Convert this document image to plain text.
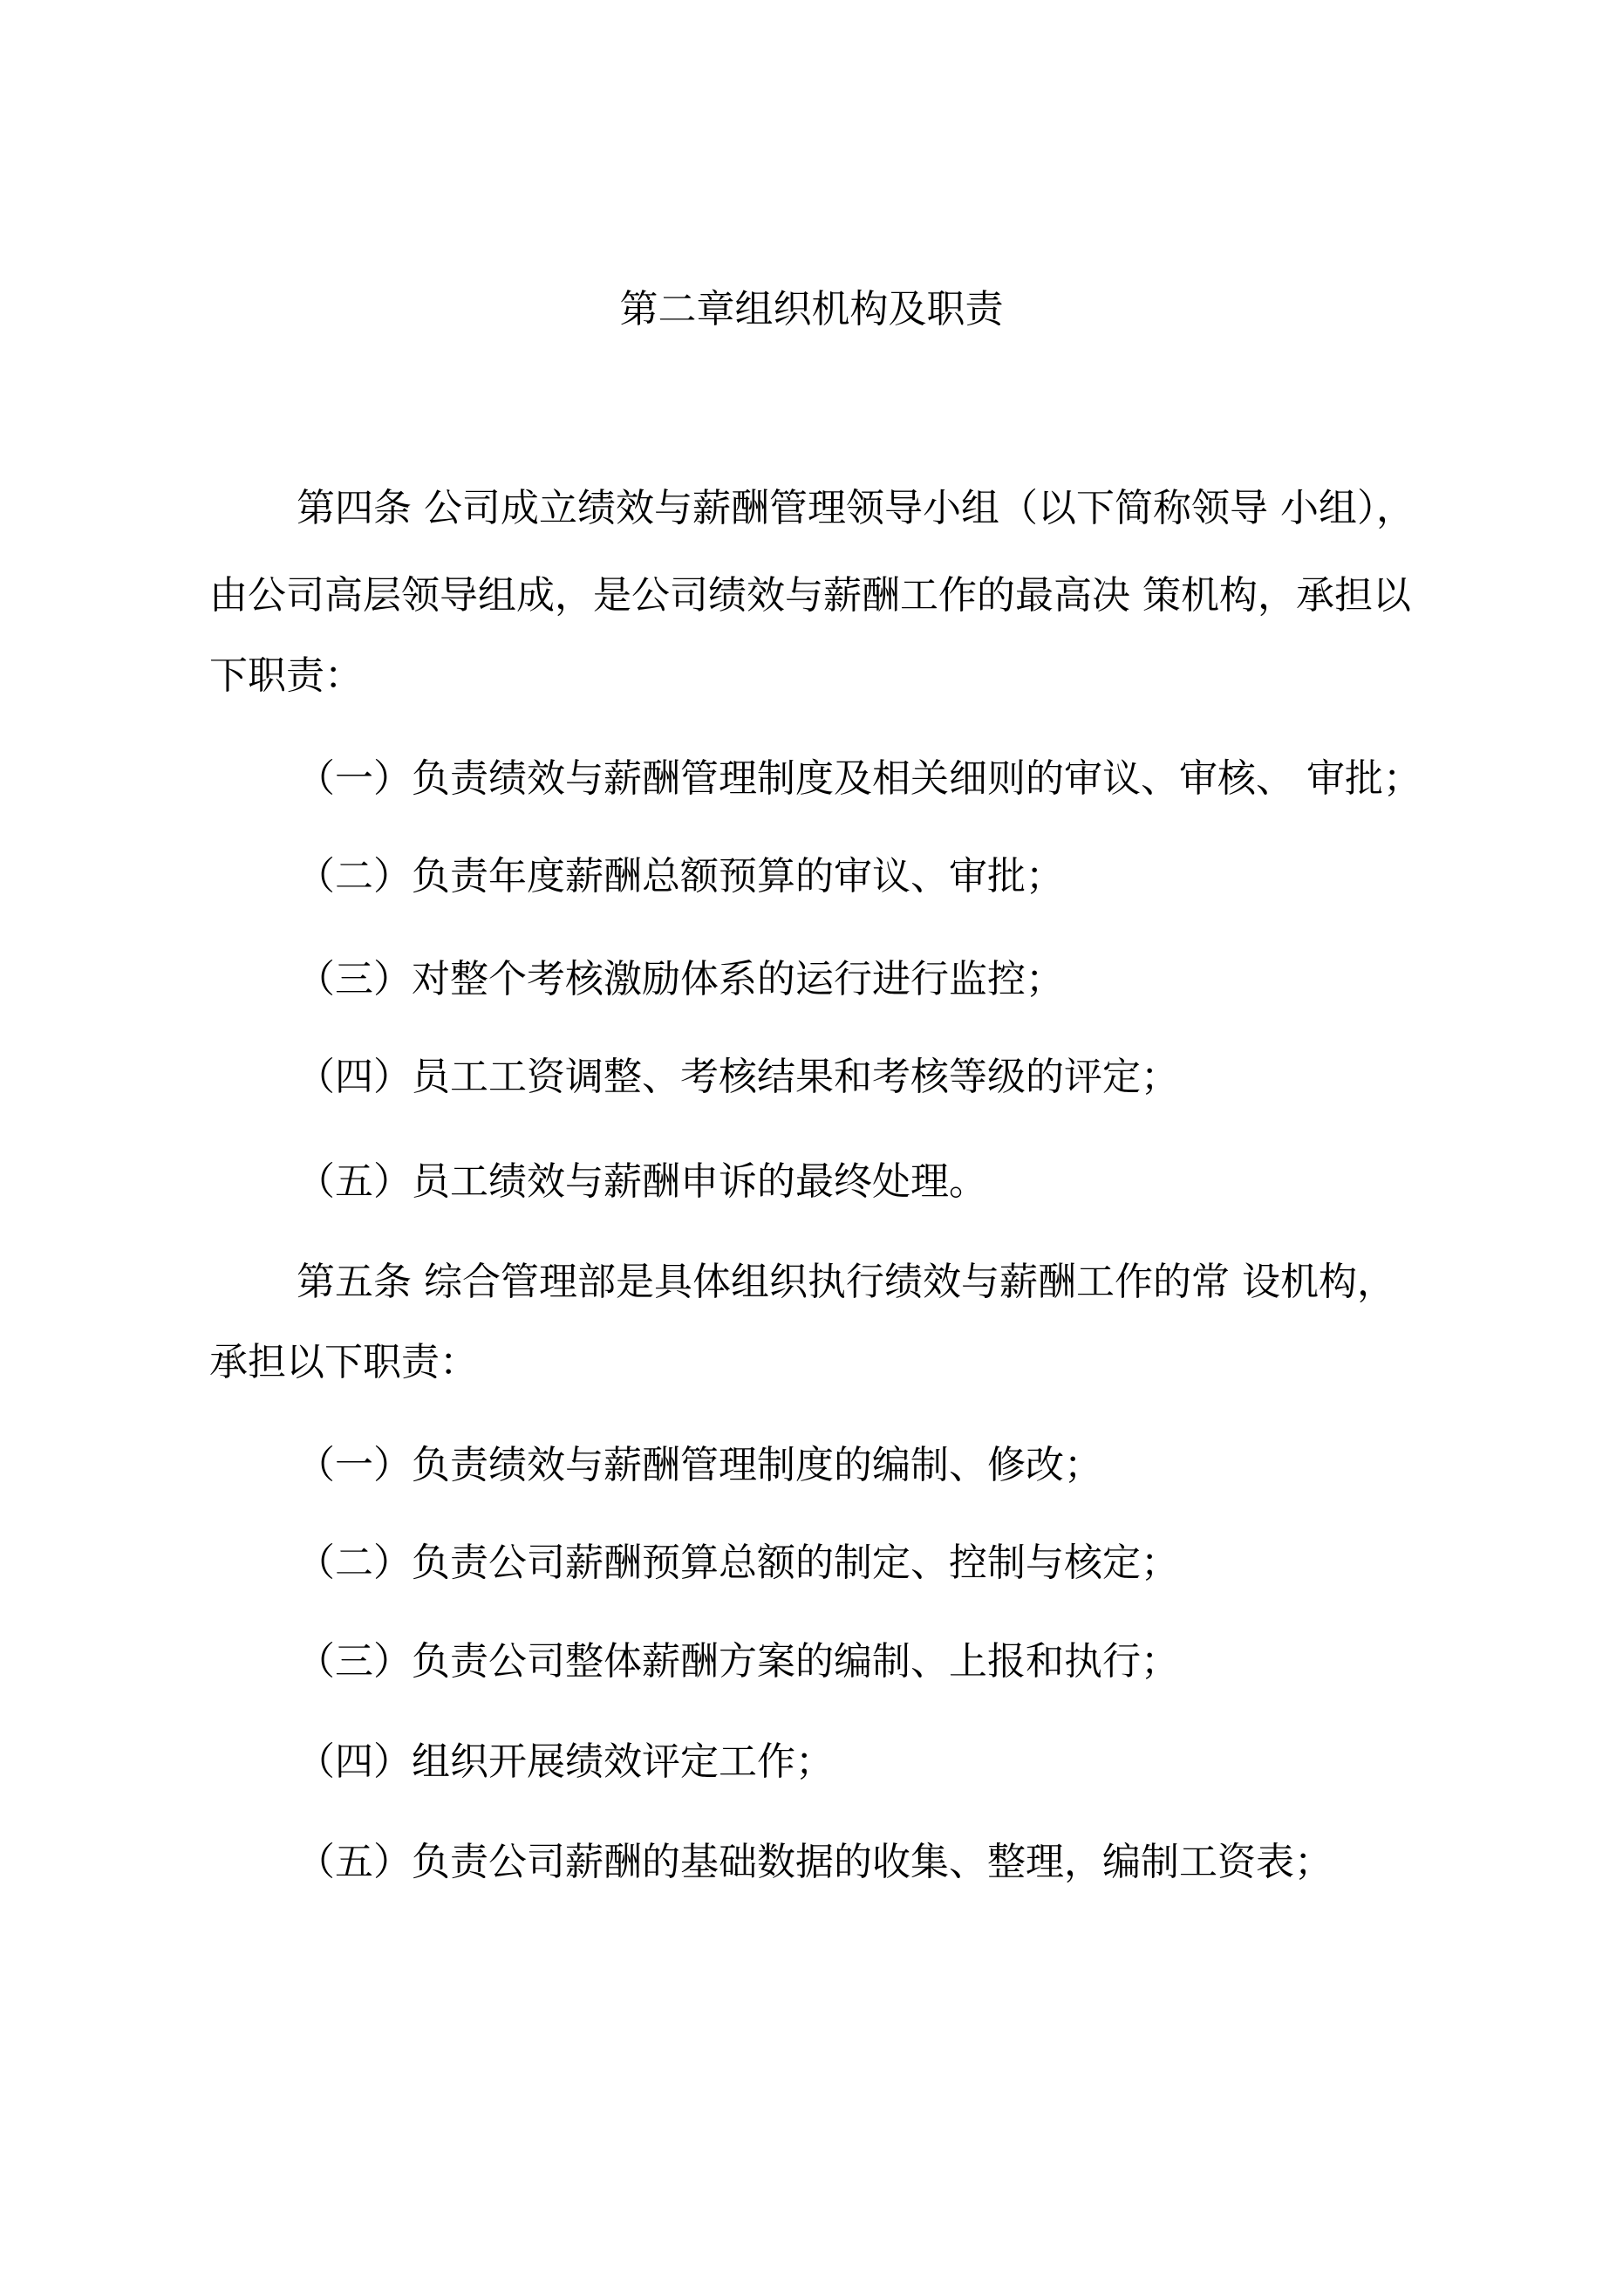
第二章组织机构及职责
第四条 公司成立绩效与薪酬管理领导小组（以下简称领导 小组），
由公司高层领导组成，是公司绩效与薪酬工作的最高决 策机构，承担以
下职责：
（一）负责绩效与薪酬管理制度及相关细则的审议、审核、 审批；
（二）负责年度薪酬总额预算的审议、审批；
（三）对整个考核激励体系的运行进行监控；
（四）员工工资调整、考核结果和考核等级的评定；
（五）员工绩效与薪酬申诉的最终处理。
第五条 综合管理部是具体组织执行绩效与薪酬工作的常 设机构，
承担以下职责：
（一）负责绩效与薪酬管理制度的编制、修改；
（二）负责公司薪酬预算总额的制定、控制与核定；
（三）负责公司整体薪酬方案的编制、上报和执行；
（四）组织开展绩效评定工作；
（五）负责公司薪酬的基础数据的收集、整理，编制工资表；
